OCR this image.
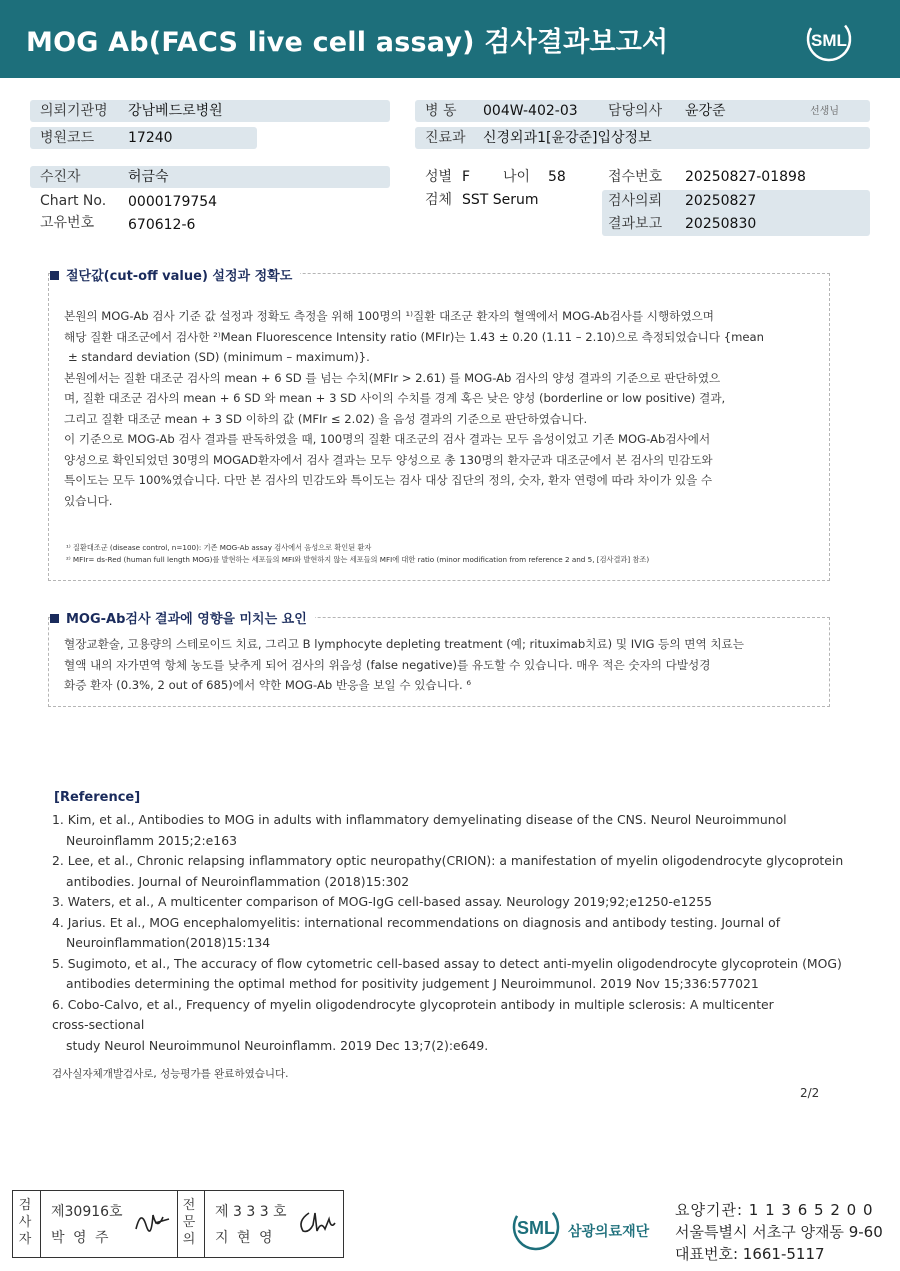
MOG Ab(FACS live cell assay) 검사결과보고서	SML
의뢰기관명 강남베드로병원
병원코드 17240
병 동 004W-402-03 담당의사 윤강준	선생님
진료과 신경외과1[윤강준]입상정보
수진자	허금숙
Chart No. 0000179754
고유번호 670612-6
성별 F 나이 58
검체 SST Serum
접수번호 20250827-01898
검사의뢰 20250827
결과보고 20250830
절단값(cut-off value) 설정과 정확도
본원의 MOG-Ab 검사 기준 값 설정과 정확도 측정을 위해 100명의 ¹⁾질환 대조군 환자의 혈액에서 MOG-Ab검사를 시행하였으며
해당 질환 대조군에서 검사한 ²⁾Mean Fluorescence Intensity ratio (MFIr)는 1.43 ± 0.20 (1.11 – 2.10)으로 측정되었습니다 {mean
± standard deviation (SD) (minimum – maximum)}.
본원에서는 질환 대조군 검사의 mean + 6 SD 를 넘는 수치(MFIr > 2.61) 를 MOG-Ab 검사의 양성 결과의 기준으로 판단하였으
며, 질환 대조군 검사의 mean + 6 SD 와 mean + 3 SD 사이의 수치를 경계 혹은 낮은 양성 (borderline or low positive) 결과,
그리고 질환 대조군 mean + 3 SD 이하의 값 (MFIr ≤ 2.02) 을 음성 결과의 기준으로 판단하였습니다.
이 기준으로 MOG-Ab 검사 결과를 판독하였을 때, 100명의 질환 대조군의 검사 결과는 모두 음성이었고 기존 MOG-Ab검사에서
양성으로 확인되었던 30명의 MOGAD환자에서 검사 결과는 모두 양성으로 총 130명의 환자군과 대조군에서 본 검사의 민감도와
특이도는 모두 100%였습니다. 다만 본 검사의 민감도와 특이도는 검사 대상 집단의 정의, 숫자, 환자 연령에 따라 차이가 있을 수
있습니다.
¹⁾ 질환대조군 (disease control, n=100): 기존 MOG-Ab assay 검사에서 음성으로 확인된 환자
²⁾ MFIr= ds-Red (human full length MOG)를 발현하는 세포들의 MFI와 발현하지 않는 세포들의 MFI에 대한 ratio (minor modification from reference 2 and 5, [검사결과] 참조)
MOG-Ab검사 결과에 영향을 미치는 요인
혈장교환술, 고용량의 스테로이드 치료, 그리고 B lymphocyte depleting treatment (예; rituximab치료) 및 IVIG 등의 면역 치료는
혈액 내의 자가면역 항체 농도를 낮추게 되어 검사의 위음성 (false negative)를 유도할 수 있습니다. 매우 적은 숫자의 다발성경
화증 환자 (0.3%, 2 out of 685)에서 약한 MOG-Ab 반응을 보일 수 있습니다. ⁶
[Reference]
1. Kim, et al., Antibodies to MOG in adults with inflammatory demyelinating disease of the CNS. Neurol Neuroimmunol
Neuroinflamm 2015;2:e163
2. Lee, et al., Chronic relapsing inflammatory optic neuropathy(CRION): a manifestation of myelin oligodendrocyte glycoprotein
antibodies. Journal of Neuroinflammation (2018)15:302
3. Waters, et al., A multicenter comparison of MOG-IgG cell-based assay. Neurology 2019;92;e1250-e1255
4. Jarius. Et al., MOG encephalomyelitis: international recommendations on diagnosis and antibody testing. Journal of
Neuroinflammation(2018)15:134
5. Sugimoto, et al., The accuracy of flow cytometric cell-based assay to detect anti-myelin oligodendrocyte glycoprotein (MOG)
antibodies determining the optimal method for positivity judgement J Neuroimmunol. 2019 Nov 15;336:577021
6. Cobo-Calvo, et al., Frequency of myelin oligodendrocyte glycoprotein antibody in multiple sclerosis: A multicenter
cross-sectional
study Neurol Neuroimmunol Neuroinflamm. 2019 Dec 13;7(2):e649.
검사실자체개발검사로, 성능평가를 완료하였습니다.
2/2
검사자
제30916호
박 영 주
전문의
제 3 3 3 호
지 현 영	SML 삼광의료재단
요양기관: 1 1 3 6 5 2 0 0
서울특별시 서초구 양재동 9-60
대표번호: 1661-5117
